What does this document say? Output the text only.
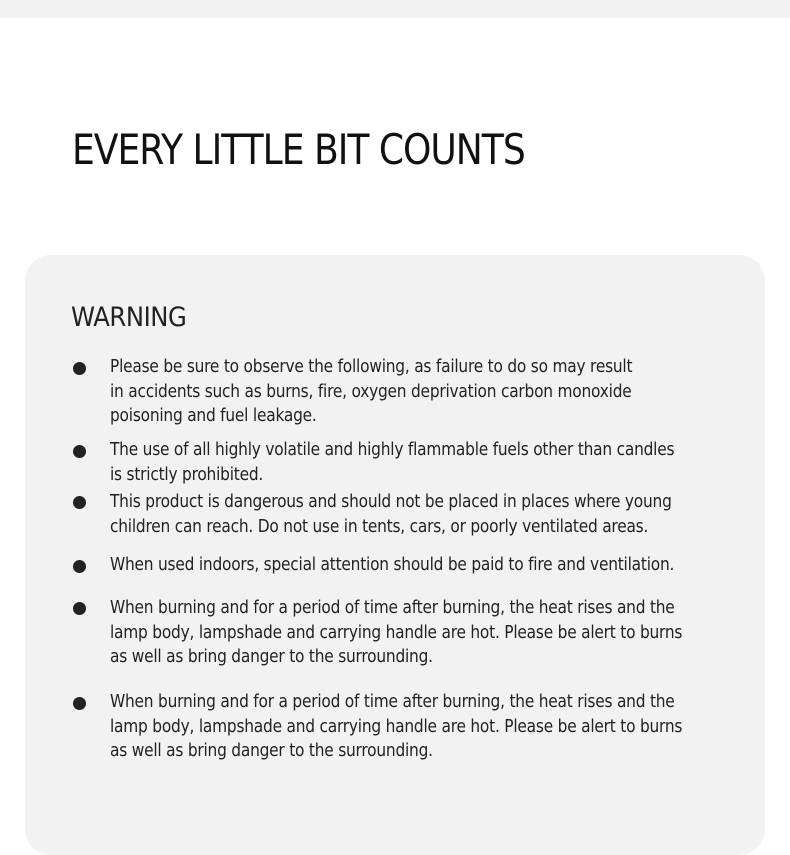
EVERY LITTLE BIT COUNTS
WARNING

Please be sure to observe the following, as failure to do so may result
in accidents such as burns, fire, oxygen deprivation carbon monoxide
poisoning and fuel leakage.

The use of all highly volatile and highly flammable fuels other than candles
is strictly prohibited.

This product is dangerous and should not be placed in places where young
children can reach. Do not use in tents, cars, or poorly ventilated areas.

When used indoors, special attention should be paid to fire and ventilation.

When burning and for a period of time after burning, the heat rises and the
lamp body, lampshade and carrying handle are hot. Please be alert to burns
as well as bring danger to the surrounding.

When burning and for a period of time after burning, the heat rises and the
lamp body, lampshade and carrying handle are hot. Please be alert to burns
as well as bring danger to the surrounding.
